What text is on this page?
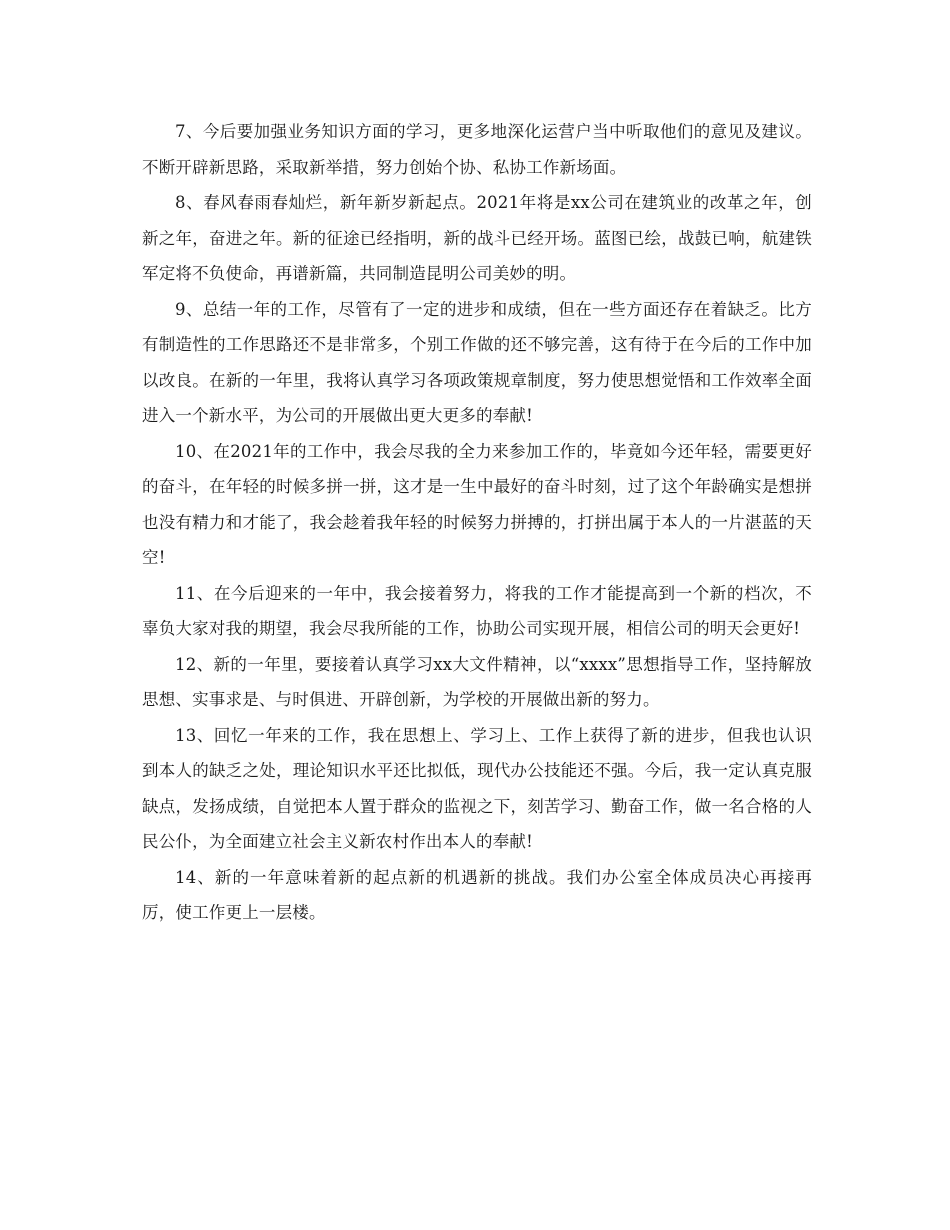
7、今后要加强业务知识方面的学习，更多地深化运营户当中听取他们的意见及建议。不断开辟新思路，采取新举措，努力创始个协、私协工作新场面。

8、春风春雨春灿烂，新年新岁新起点。2021年将是xx公司在建筑业的改革之年，创新之年，奋进之年。新的征途已经指明，新的战斗已经开场。蓝图已绘，战鼓已响，航建铁军定将不负使命，再谱新篇，共同制造昆明公司美妙的明。

9、总结一年的工作，尽管有了一定的进步和成绩，但在一些方面还存在着缺乏。比方有制造性的工作思路还不是非常多，个别工作做的还不够完善，这有待于在今后的工作中加以改良。在新的一年里，我将认真学习各项政策规章制度，努力使思想觉悟和工作效率全面进入一个新水平，为公司的开展做出更大更多的奉献!

10、在2021年的工作中，我会尽我的全力来参加工作的，毕竟如今还年轻，需要更好的奋斗，在年轻的时候多拼一拼，这才是一生中最好的奋斗时刻，过了这个年龄确实是想拼也没有精力和才能了，我会趁着我年轻的时候努力拼搏的，打拼出属于本人的一片湛蓝的天空!

11、在今后迎来的一年中，我会接着努力，将我的工作才能提高到一个新的档次，不辜负大家对我的期望，我会尽我所能的工作，协助公司实现开展，相信公司的明天会更好!

12、新的一年里，要接着认真学习xx大文件精神，以“xxxx”思想指导工作，坚持解放思想、实事求是、与时俱进、开辟创新，为学校的开展做出新的努力。

13、回忆一年来的工作，我在思想上、学习上、工作上获得了新的进步，但我也认识到本人的缺乏之处，理论知识水平还比拟低，现代办公技能还不强。今后，我一定认真克服缺点，发扬成绩，自觉把本人置于群众的监视之下，刻苦学习、勤奋工作，做一名合格的人民公仆，为全面建立社会主义新农村作出本人的奉献!

14、新的一年意味着新的起点新的机遇新的挑战。我们办公室全体成员决心再接再厉，使工作更上一层楼。
